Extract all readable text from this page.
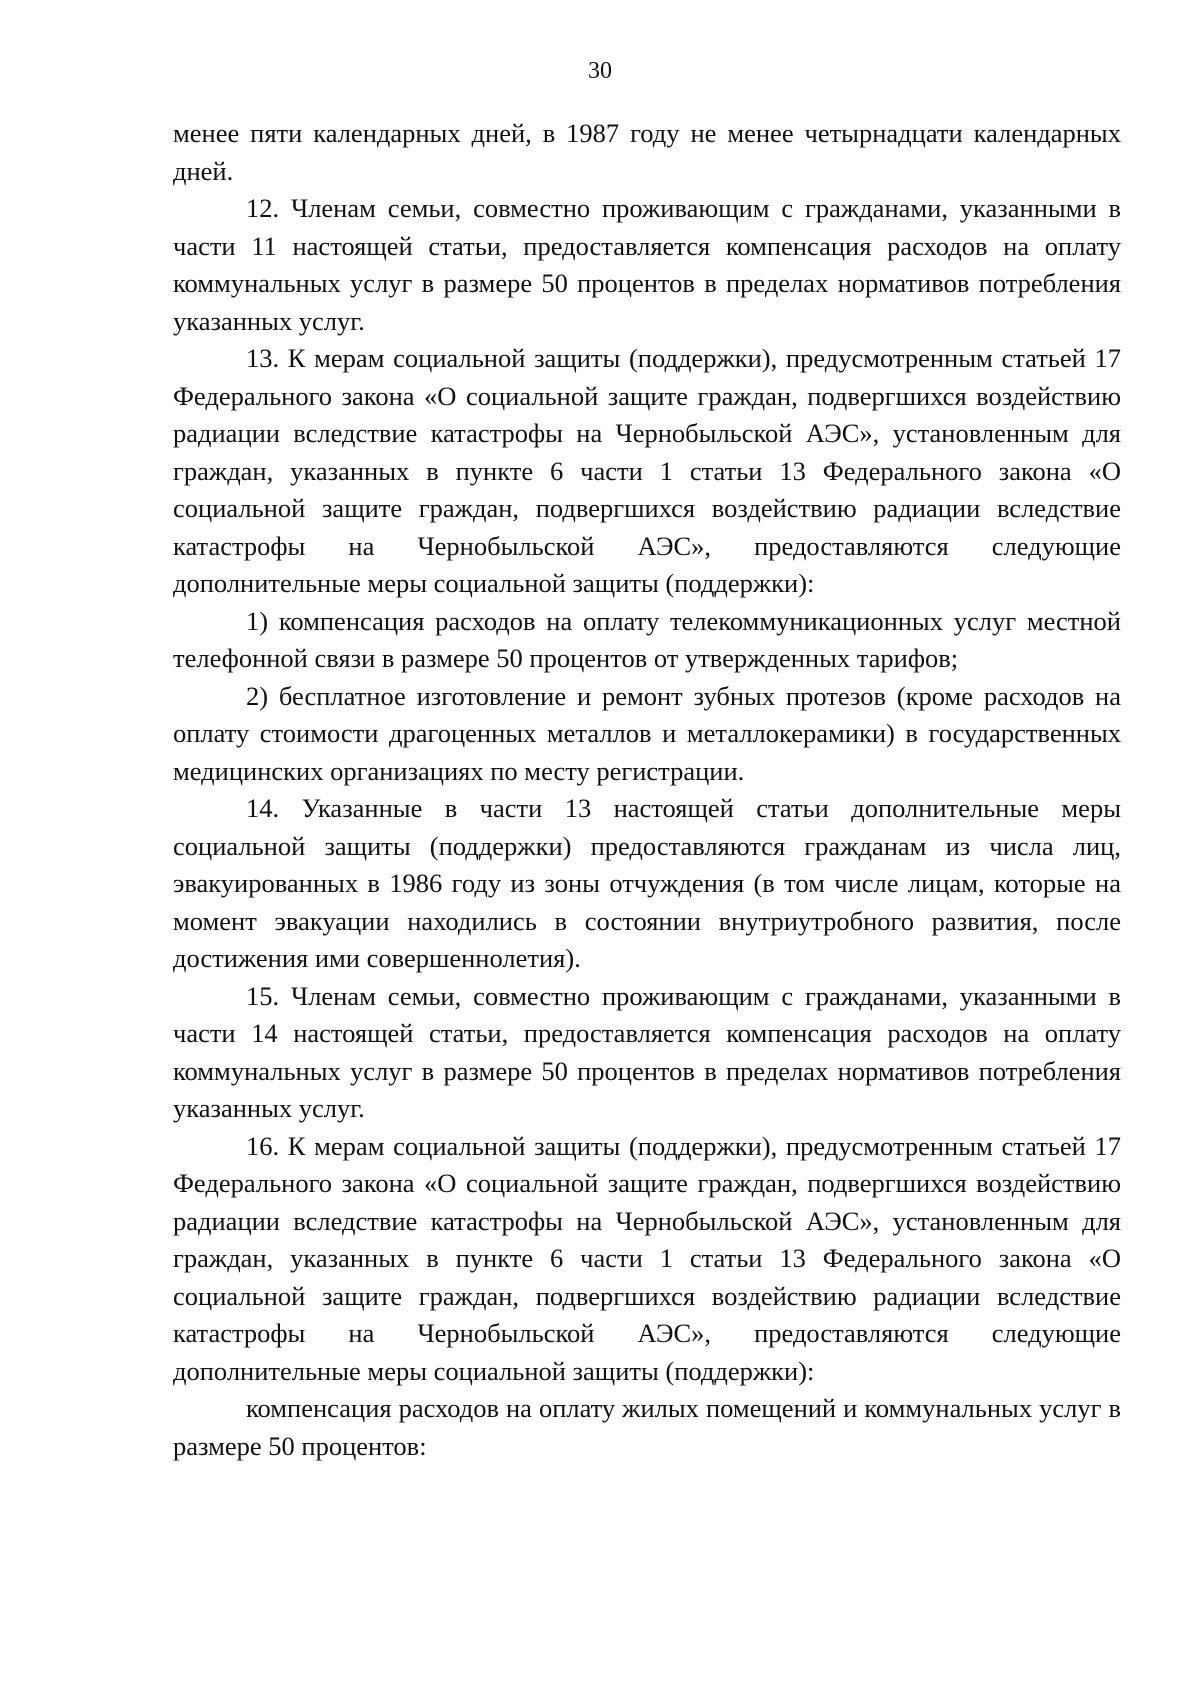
30

менее пяти календарных дней, в 1987 году не менее четырнадцати календарных дней.

12. Членам семьи, совместно проживающим с гражданами, указанными в части 11 настоящей статьи, предоставляется компенсация расходов на оплату коммунальных услуг в размере 50 процентов в пределах нормативов потребления указанных услуг.

13. К мерам социальной защиты (поддержки), предусмотренным статьей 17 Федерального закона «О социальной защите граждан, подвергшихся воздействию радиации вследствие катастрофы на Чернобыльской АЭС», установленным для граждан, указанных в пункте 6 части 1 статьи 13 Федерального закона «О социальной защите граждан, подвергшихся воздействию радиации вследствие катастрофы на Чернобыльской АЭС», предоставляются следующие дополнительные меры социальной защиты (поддержки):

1) компенсация расходов на оплату телекоммуникационных услуг местной телефонной связи в размере 50 процентов от утвержденных тарифов;

2) бесплатное изготовление и ремонт зубных протезов (кроме расходов на оплату стоимости драгоценных металлов и металлокерамики) в государственных медицинских организациях по месту регистрации.

14. Указанные в части 13 настоящей статьи дополнительные меры социальной защиты (поддержки) предоставляются гражданам из числа лиц, эвакуированных в 1986 году из зоны отчуждения (в том числе лицам, которые на момент эвакуации находились в состоянии внутриутробного развития, после достижения ими совершеннолетия).

15. Членам семьи, совместно проживающим с гражданами, указанными в части 14 настоящей статьи, предоставляется компенсация расходов на оплату коммунальных услуг в размере 50 процентов в пределах нормативов потребления указанных услуг.

16. К мерам социальной защиты (поддержки), предусмотренным статьей 17 Федерального закона «О социальной защите граждан, подвергшихся воздействию радиации вследствие катастрофы на Чернобыльской АЭС», установленным для граждан, указанных в пункте 6 части 1 статьи 13 Федерального закона «О социальной защите граждан, подвергшихся воздействию радиации вследствие катастрофы на Чернобыльской АЭС», предоставляются следующие дополнительные меры социальной защиты (поддержки):

компенсация расходов на оплату жилых помещений и коммунальных услуг в размере 50 процентов:
